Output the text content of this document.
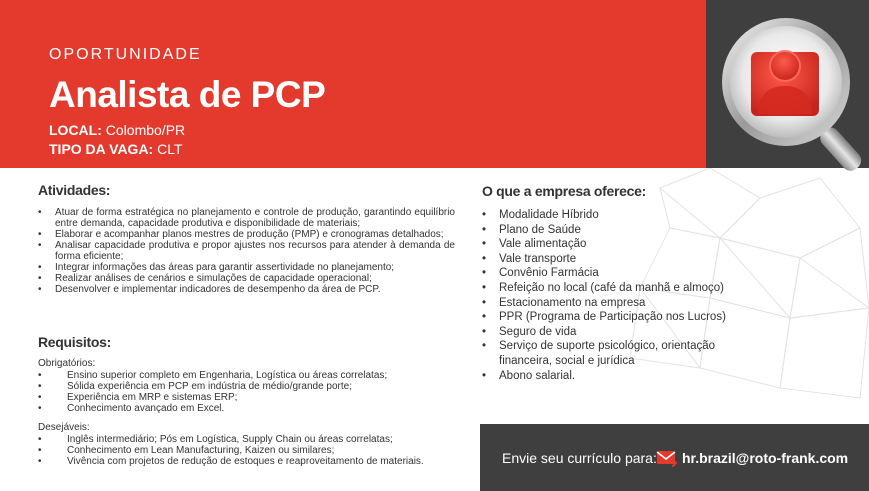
OPORTUNIDADE
Analista de PCP
LOCAL: Colombo/PR
TIPO DA VAGA: CLT
Atividades:
• Atuar de forma estratégica no planejamento e controle de produção, garantindo equilíbrio entre demanda, capacidade produtiva e disponibilidade de materiais;
• Elaborar e acompanhar planos mestres de produção (PMP) e cronogramas detalhados;
• Analisar capacidade produtiva e propor ajustes nos recursos para atender à demanda de forma eficiente;
• Integrar informações das áreas para garantir assertividade no planejamento;
• Realizar análises de cenários e simulações de capacidade operacional;
• Desenvolver e implementar indicadores de desempenho da área de PCP.
Requisitos:
Obrigatórios:
• Ensino superior completo em Engenharia, Logística ou áreas correlatas;
• Sólida experiência em PCP em indústria de médio/grande porte;
• Experiência em MRP e sistemas ERP;
• Conhecimento avançado em Excel.
Desejáveis:
• Inglês intermediário; Pós em Logística, Supply Chain ou áreas correlatas;
• Conhecimento em Lean Manufacturing, Kaizen ou similares;
• Vivência com projetos de redução de estoques e reaproveitamento de materiais.
O que a empresa oferece:
• Modalidade Híbrido
• Plano de Saúde
• Vale alimentação
• Vale transporte
• Convênio Farmácia
• Refeição no local (café da manhã e almoço)
• Estacionamento na empresa
• PPR (Programa de Participação nos Lucros)
• Seguro de vida
• Serviço de suporte psicológico, orientação financeira, social e jurídica
• Abono salarial.
Envie seu currículo para: hr.brazil@roto-frank.com
